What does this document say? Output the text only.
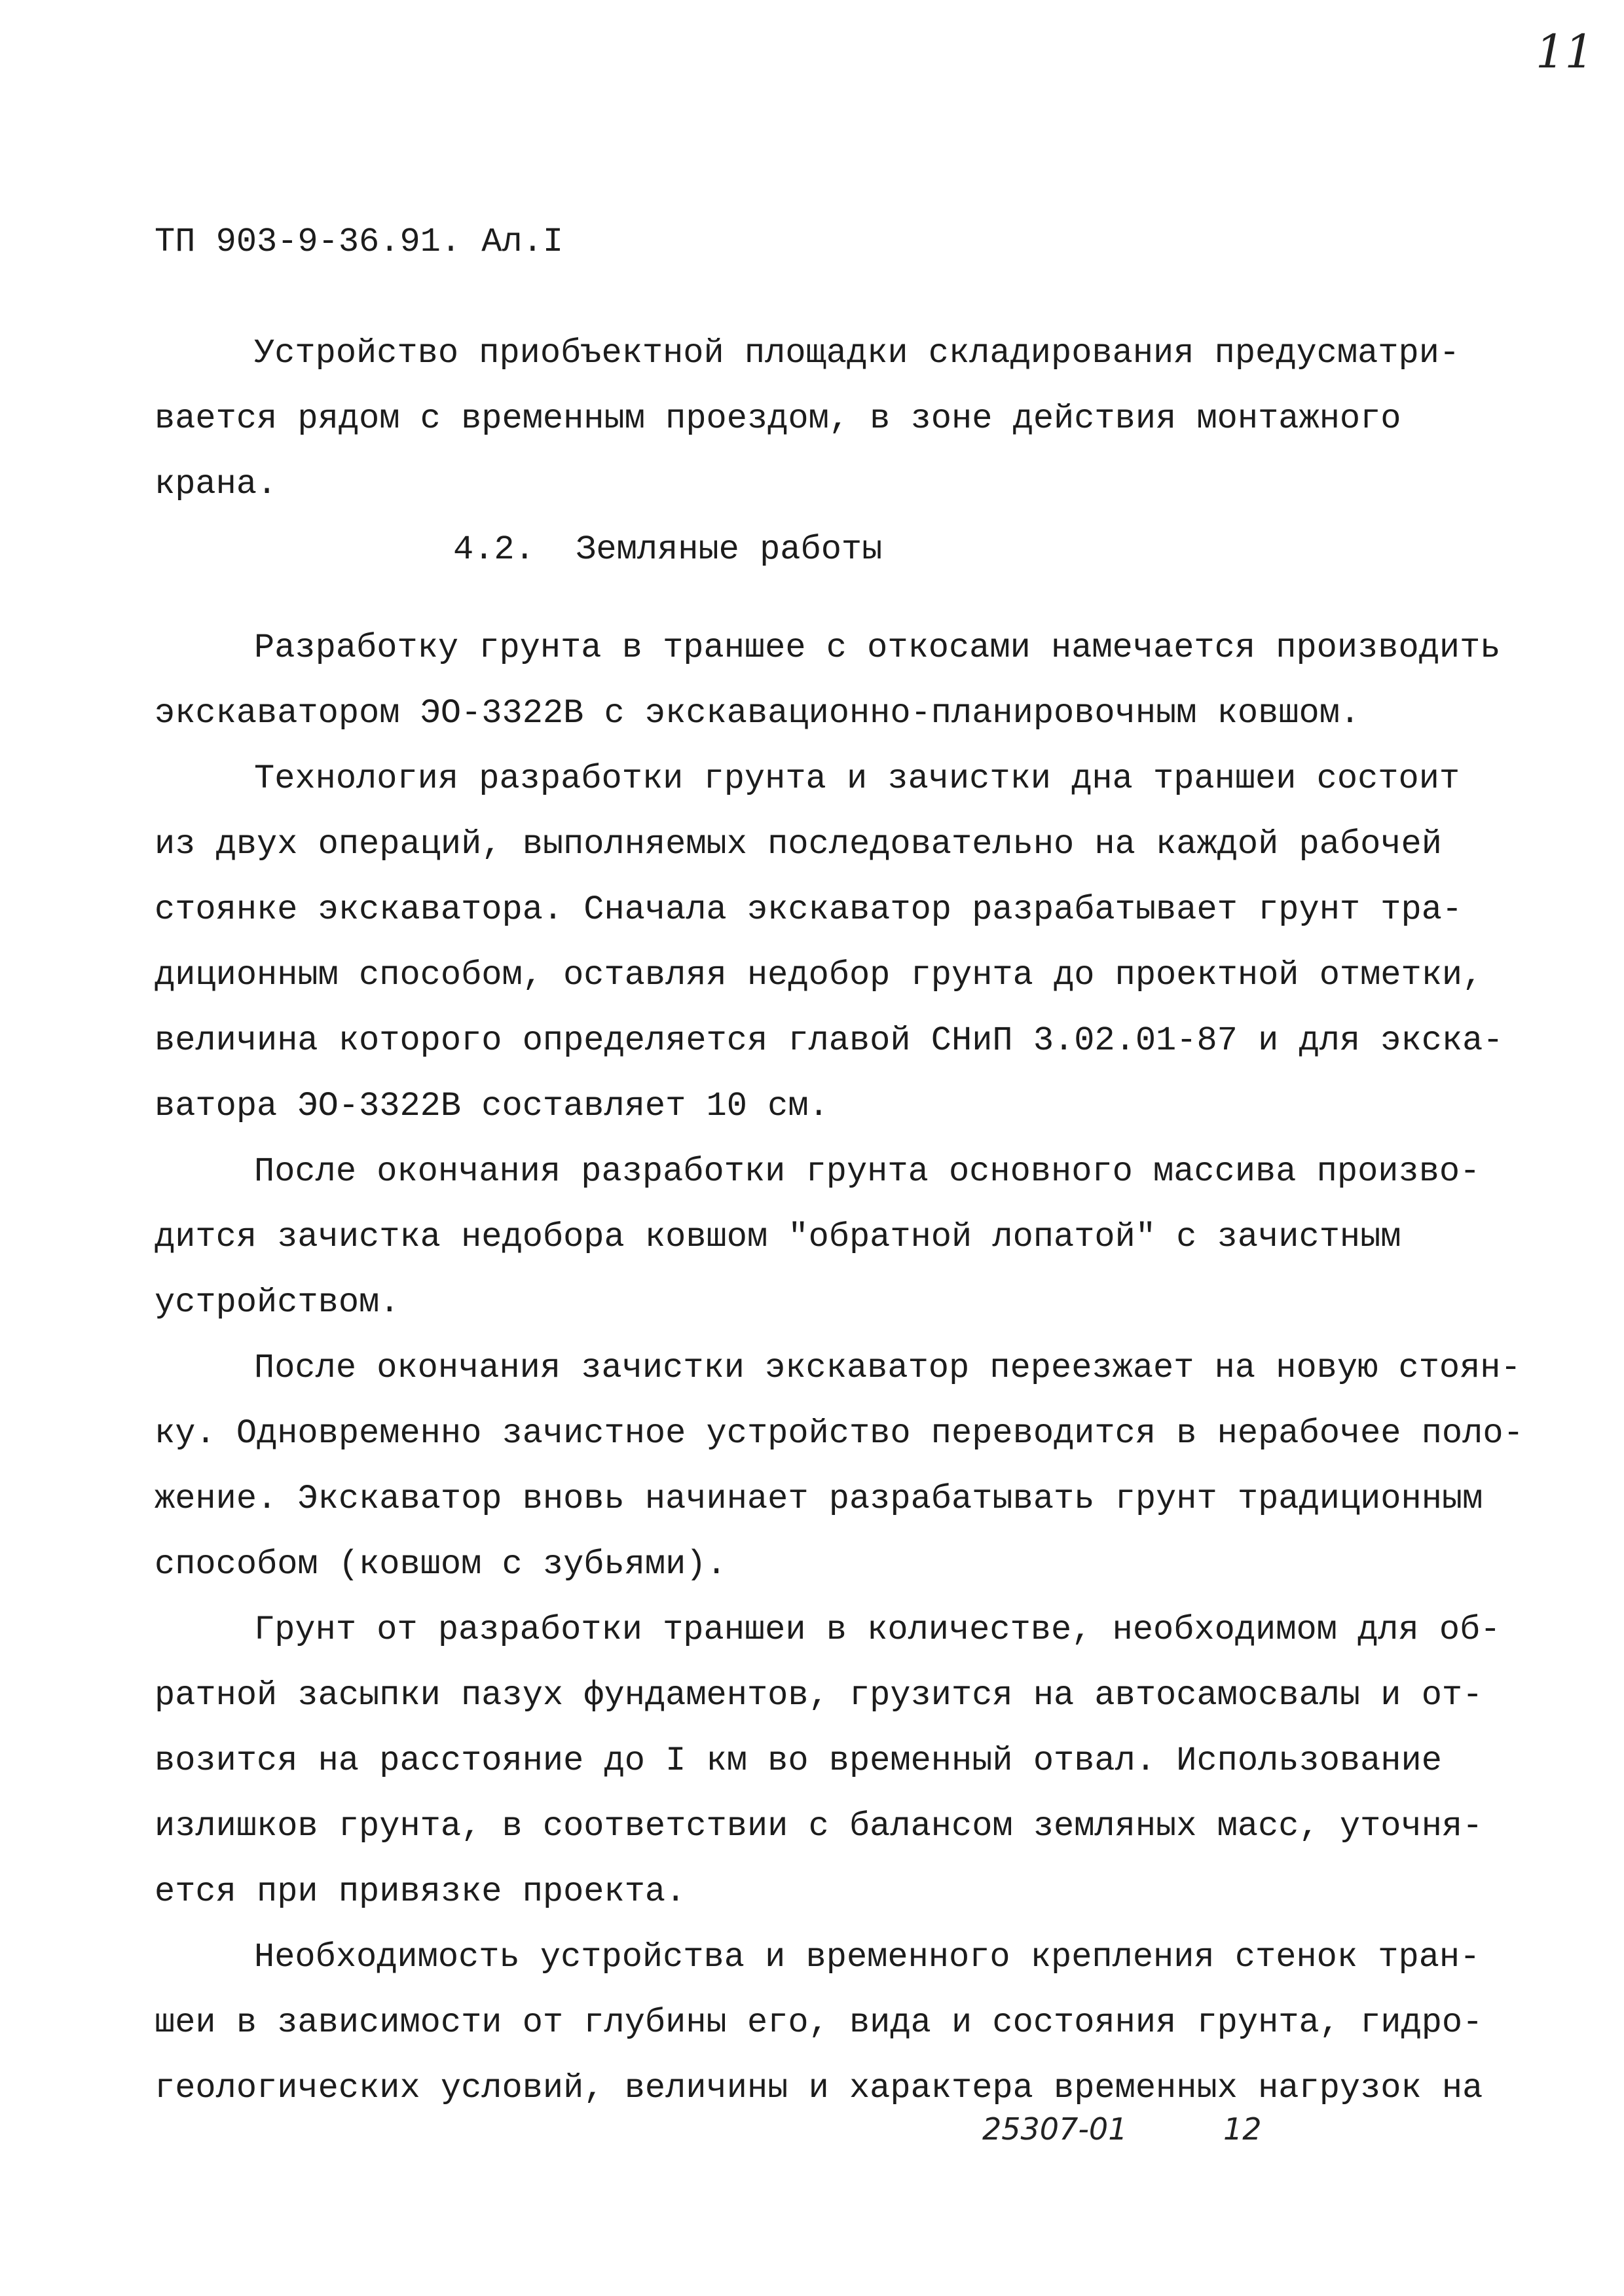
11

ТП 903-9-36.91. Ал.I

Устройство приобъектной площадки складирования предусматри-
вается рядом с временным проездом, в зоне действия монтажного
крана.
4.2.  Земляные работы
Разработку грунта в траншее с откосами намечается производить
экскаватором ЭО-3322В с экскавационно-планировочным ковшом.
Технология разработки грунта и зачистки дна траншеи состоит
из двух операций, выполняемых последовательно на каждой рабочей
стоянке экскаватора. Сначала экскаватор разрабатывает грунт тра-
диционным способом, оставляя недобор грунта до проектной отметки,
величина которого определяется главой СНиП 3.02.01-87 и для экска-
ватора ЭО-3322В составляет 10 см.
После окончания разработки грунта основного массива произво-
дится зачистка недобора ковшом "обратной лопатой" с зачистным
устройством.
После окончания зачистки экскаватор переезжает на новую стоян-
ку. Одновременно зачистное устройство переводится в нерабочее поло-
жение. Экскаватор вновь начинает разрабатывать грунт традиционным
способом (ковшом с зубьями).
Грунт от разработки траншеи в количестве, необходимом для об-
ратной засыпки пазух фундаментов, грузится на автосамосвалы и от-
возится на расстояние до I км во временный отвал. Использование
излишков грунта, в соответствии с балансом земляных масс, уточня-
ется при привязке проекта.
Необходимость устройства и временного крепления стенок тран-
шеи в зависимости от глубины его, вида и состояния грунта, гидро-
геологических условий, величины и характера временных нагрузок на

25307-01	12
